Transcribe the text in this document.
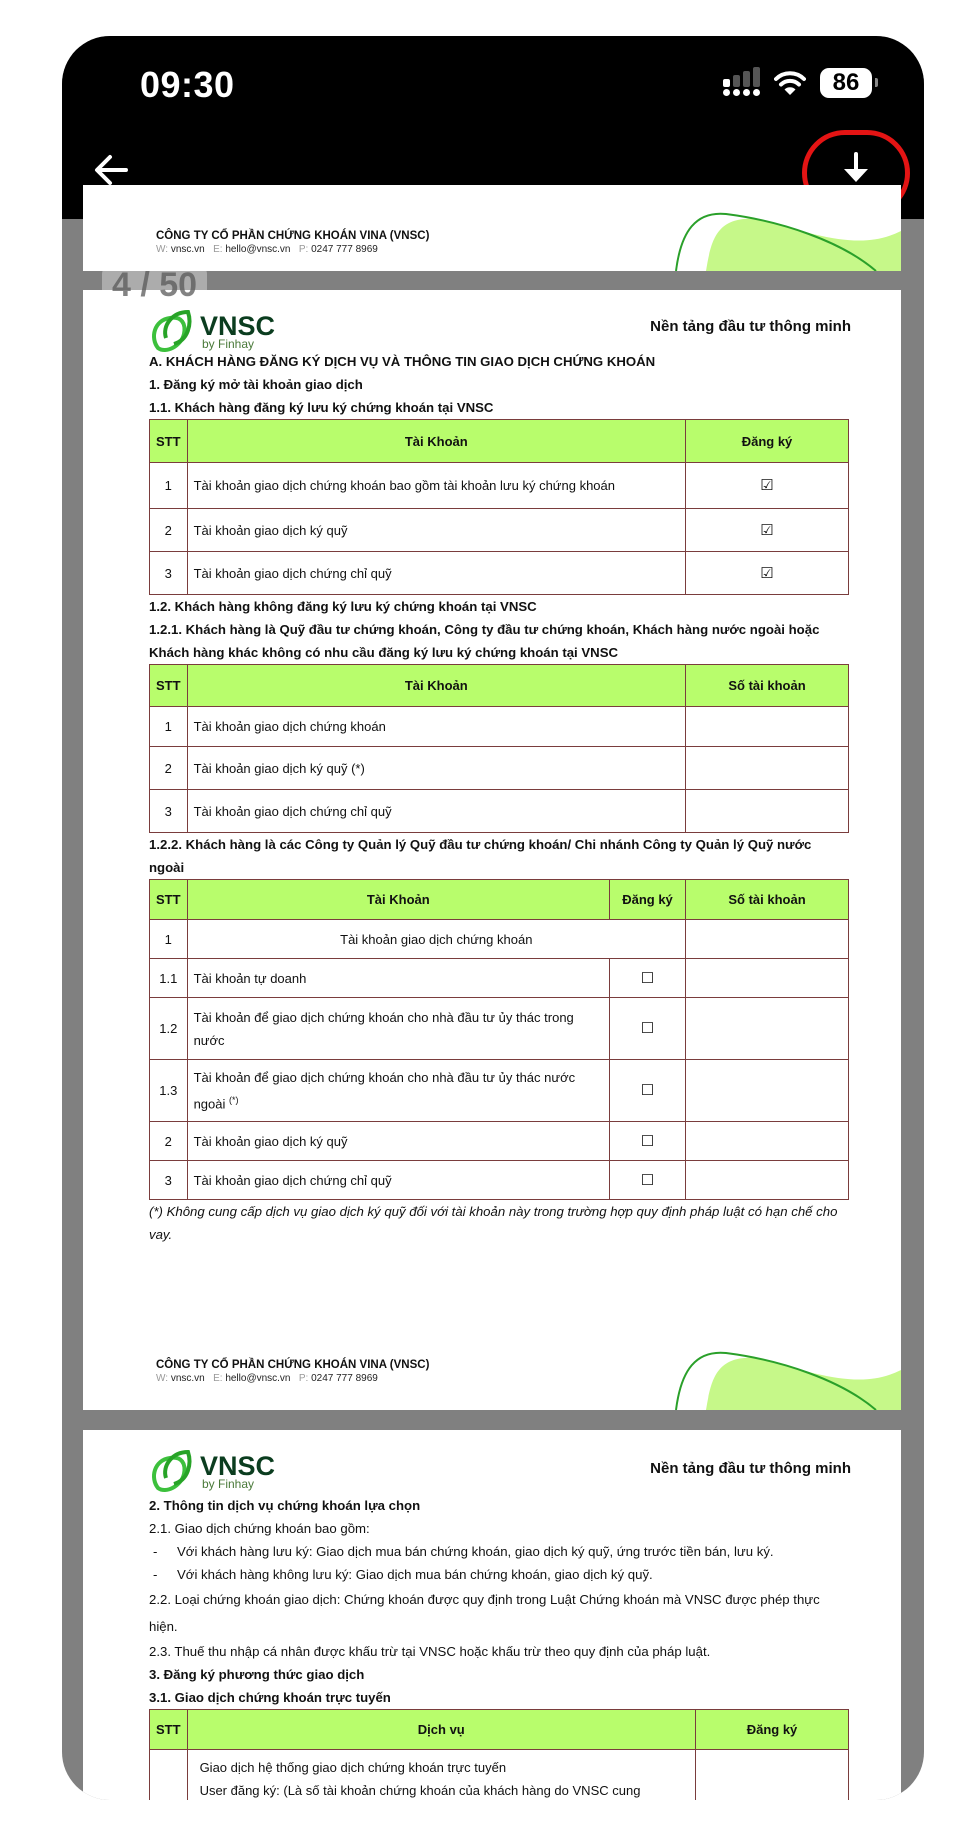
09:30	86
4 / 50
CÔNG TY CỔ PHẦN CHỨNG KHOÁN VINA (VNSC)
W: vnsc.vn E: hello@vnsc.vn P: 0247 777 8969
VNSC
by Finhay
Nền tảng đầu tư thông minh
A. KHÁCH HÀNG ĐĂNG KÝ DỊCH VỤ VÀ THÔNG TIN GIAO DỊCH CHỨNG KHOÁN
1. Đăng ký mở tài khoản giao dịch
1.1. Khách hàng đăng ký lưu ký chứng khoán tại VNSC
STT	Tài Khoản	Đăng ký
1	Tài khoản giao dịch chứng khoán bao gồm tài khoản lưu ký chứng khoán	☑
2	Tài khoản giao dịch ký quỹ	☑
3	Tài khoản giao dịch chứng chỉ quỹ	☑
1.2. Khách hàng không đăng ký lưu ký chứng khoán tại VNSC
1.2.1. Khách hàng là Quỹ đầu tư chứng khoán, Công ty đầu tư chứng khoán, Khách hàng nước ngoài hoặc Khách hàng khác không có nhu cầu đăng ký lưu ký chứng khoán tại VNSC
STT	Tài Khoản	Số tài khoản
1	Tài khoản giao dịch chứng khoán	
2	Tài khoản giao dịch ký quỹ (*)	
3	Tài khoản giao dịch chứng chỉ quỹ	
1.2.2. Khách hàng là các Công ty Quản lý Quỹ đầu tư chứng khoán/ Chi nhánh Công ty Quản lý Quỹ nước ngoài
STT	Tài Khoản	Đăng ký	Số tài khoản
1	Tài khoản giao dịch chứng khoán		
1.1	Tài khoản tự doanh	☐	
1.2	Tài khoản để giao dịch chứng khoán cho nhà đầu tư ủy thác trong nước	☐	
1.3	Tài khoản để giao dịch chứng khoán cho nhà đầu tư ủy thác nước ngoài (*)	☐	
2	Tài khoản giao dịch ký quỹ	☐	
3	Tài khoản giao dịch chứng chỉ quỹ	☐	
(*) Không cung cấp dịch vụ giao dịch ký quỹ đối với tài khoản này trong trường hợp quy định pháp luật có hạn chế cho vay.
CÔNG TY CỔ PHẦN CHỨNG KHOÁN VINA (VNSC)
W: vnsc.vn E: hello@vnsc.vn P: 0247 777 8969
VNSC
by Finhay
Nền tảng đầu tư thông minh
2. Thông tin dịch vụ chứng khoán lựa chọn
2.1. Giao dịch chứng khoán bao gồm:
- Với khách hàng lưu ký: Giao dịch mua bán chứng khoán, giao dịch ký quỹ, ứng trước tiền bán, lưu ký.
- Với khách hàng không lưu ký: Giao dịch mua bán chứng khoán, giao dịch ký quỹ.
2.2. Loại chứng khoán giao dịch: Chứng khoán được quy định trong Luật Chứng khoán mà VNSC được phép thực hiện.
2.3. Thuế thu nhập cá nhân được khấu trừ tại VNSC hoặc khấu trừ theo quy định của pháp luật.
3. Đăng ký phương thức giao dịch
3.1. Giao dịch chứng khoán trực tuyến
STT	Dịch vụ	Đăng ký

	Giao dịch hệ thống giao dịch chứng khoán trực tuyến
User đăng ký: (Là số tài khoản chứng khoán của khách hàng do VNSC cung	
